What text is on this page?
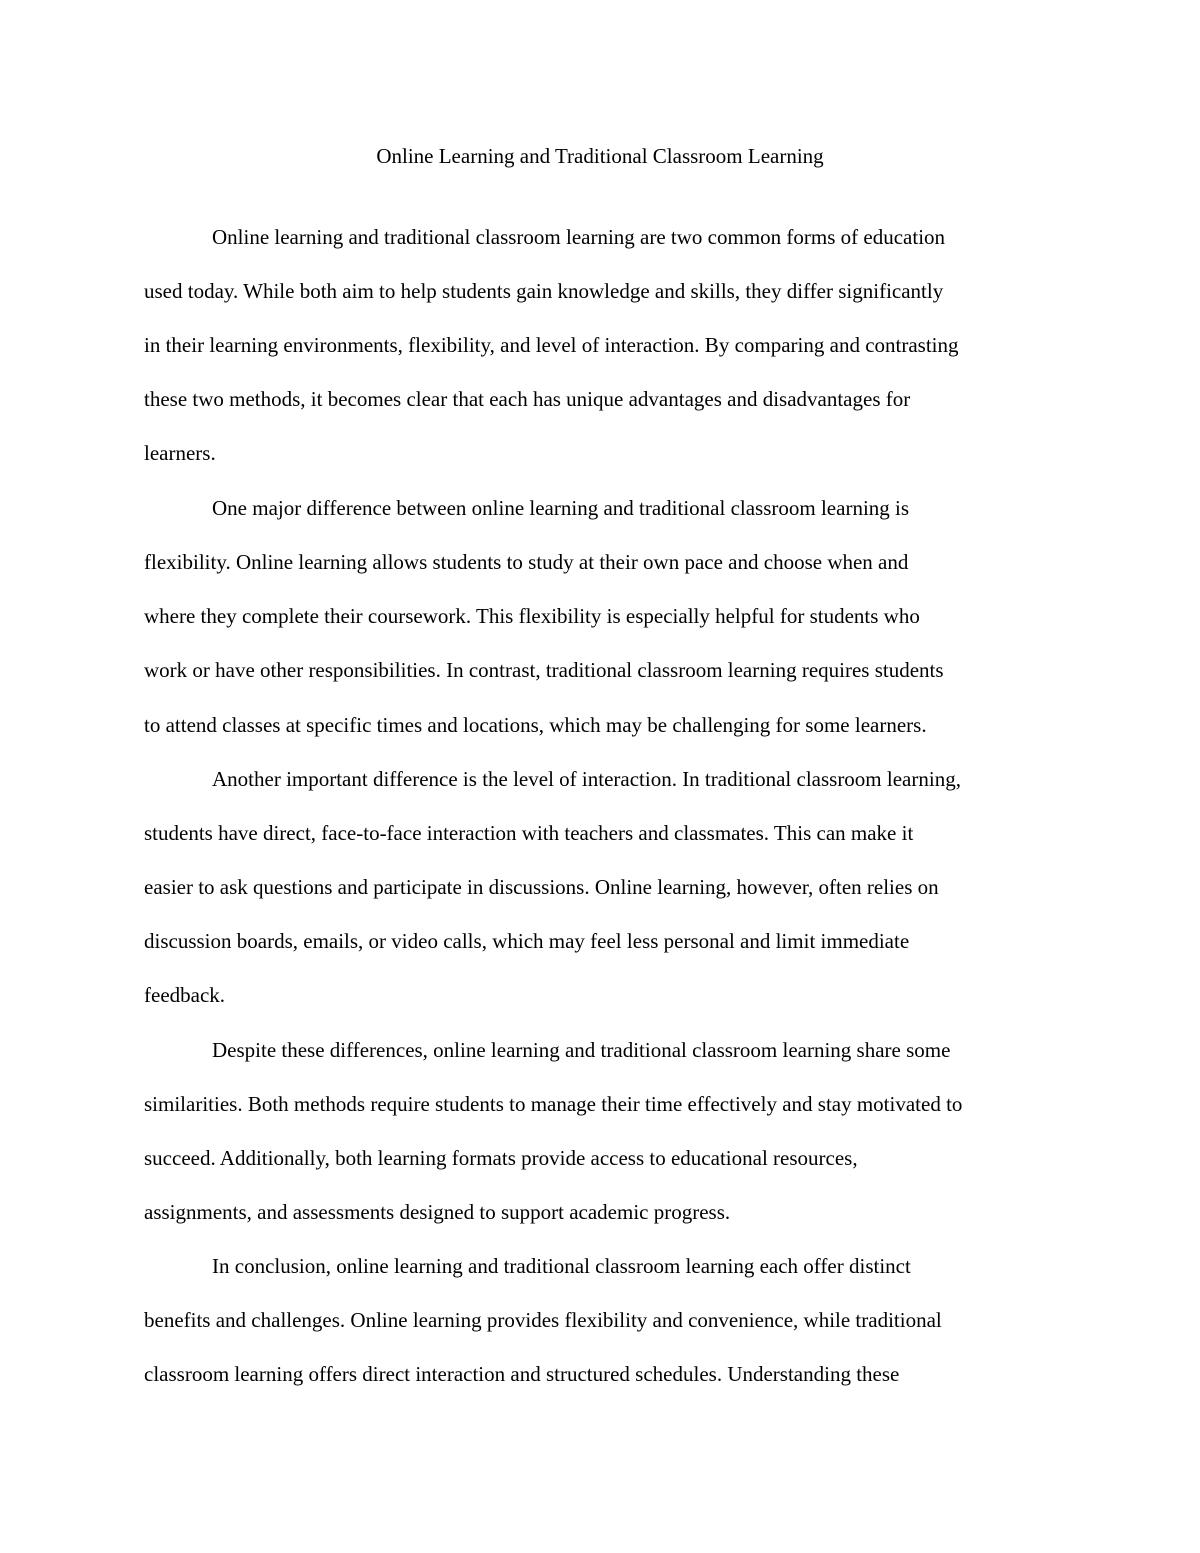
Online Learning and Traditional Classroom Learning
Online learning and traditional classroom learning are two common forms of education
used today. While both aim to help students gain knowledge and skills, they differ significantly
in their learning environments, flexibility, and level of interaction. By comparing and contrasting
these two methods, it becomes clear that each has unique advantages and disadvantages for
learners.
One major difference between online learning and traditional classroom learning is
flexibility. Online learning allows students to study at their own pace and choose when and
where they complete their coursework. This flexibility is especially helpful for students who
work or have other responsibilities. In contrast, traditional classroom learning requires students
to attend classes at specific times and locations, which may be challenging for some learners.
Another important difference is the level of interaction. In traditional classroom learning,
students have direct, face-to-face interaction with teachers and classmates. This can make it
easier to ask questions and participate in discussions. Online learning, however, often relies on
discussion boards, emails, or video calls, which may feel less personal and limit immediate
feedback.
Despite these differences, online learning and traditional classroom learning share some
similarities. Both methods require students to manage their time effectively and stay motivated to
succeed. Additionally, both learning formats provide access to educational resources,
assignments, and assessments designed to support academic progress.
In conclusion, online learning and traditional classroom learning each offer distinct
benefits and challenges. Online learning provides flexibility and convenience, while traditional
classroom learning offers direct interaction and structured schedules. Understanding these
